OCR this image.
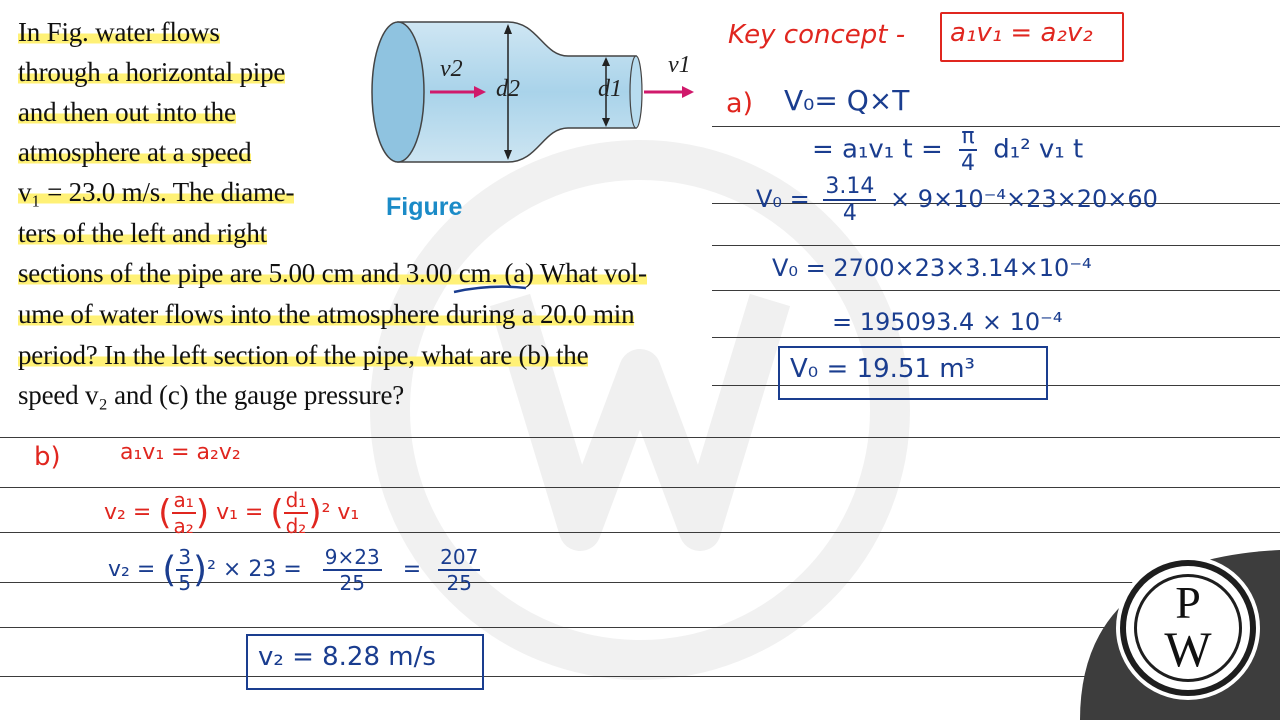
In Fig. water flows
through a horizontal pipe
and then out into the
atmosphere at a speed
v₁ = 23.0 m/s. The diame-
ters of the left and right
sections of the pipe are 5.00 cm and 3.00 cm. (a) What vol-
ume of water flows into the atmosphere during a 20.0 min
period? In the left section of the pipe, what are (b) the
speed v₂ and (c) the gauge pressure?
v2
d2	d1
v1
Figure
Key concept - a₁v₁ = a₂v₂
a) V₀= Q×T
= a₁v₁ $t = \frac{\pi}{4} d_1^2$ v₁ t
$V_0 = \frac{3.14}{4} \times 9\times 10^{-4}\times 23\times 20\times 60$
V₀ = 2700×23×3.14×10⁻⁴
= 195093.4 × 10⁻⁴
V₀ = 19.51 m³
b)	a₁v₁ = a₂v₂
v₂ = ( $\frac{\text{a₁}}{\text{a₂}}$ ) v₁ = ( $\frac{\text{d₁}}{\text{d₂}} )^2$ v₁
v₂ = ( $\frac{3}{5} )^2 \times 23 = \frac{9\times 23}{25} = \frac{207}{25}$
v₂ = 8.28 m/s
P
W
